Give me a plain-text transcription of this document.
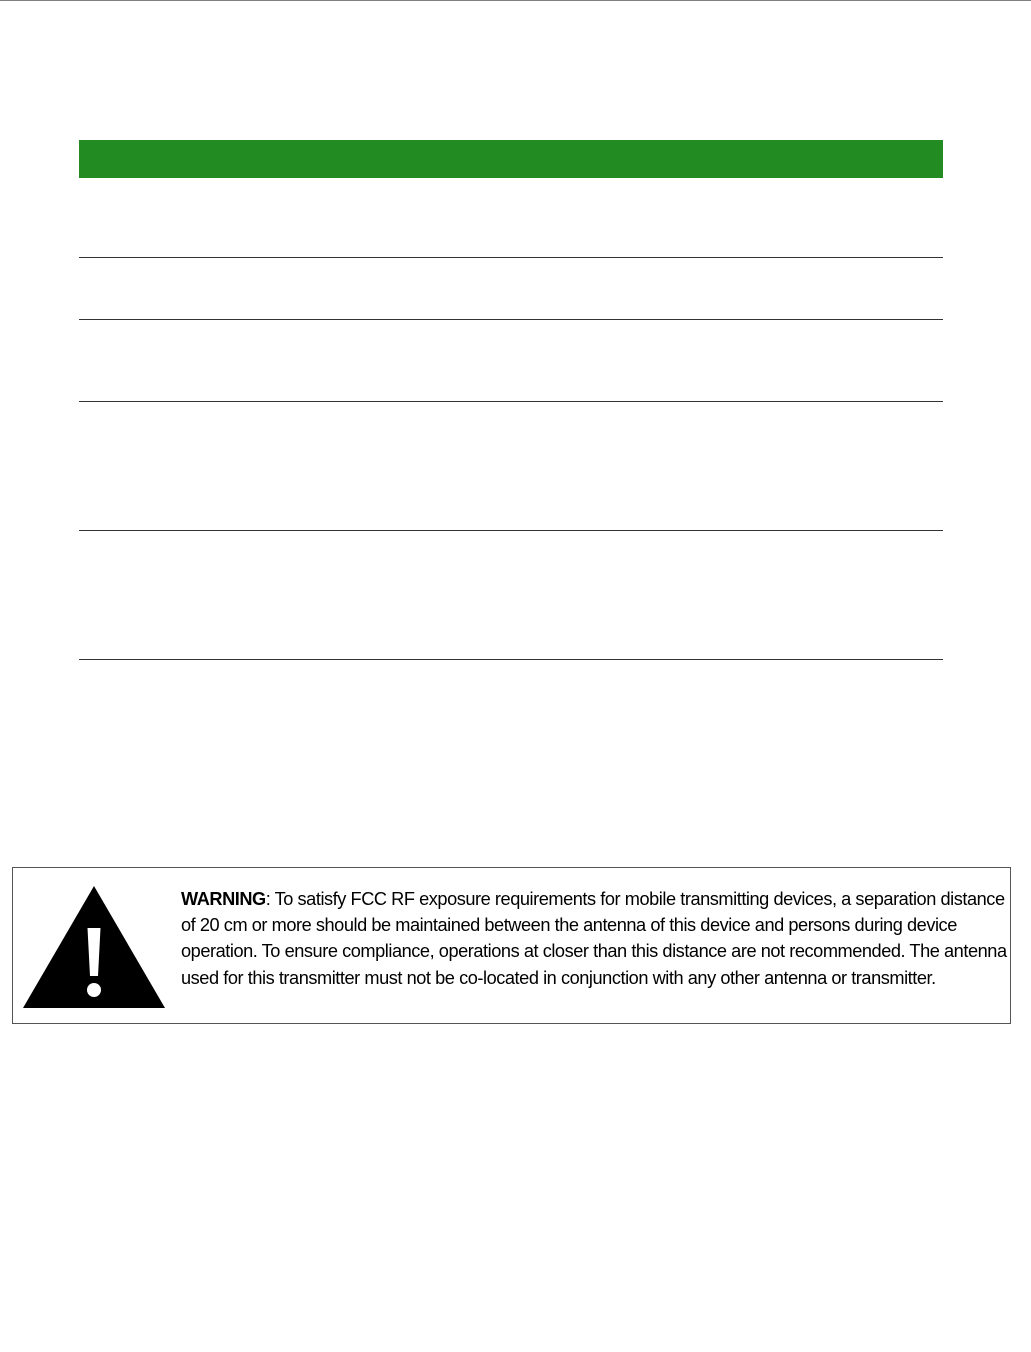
WARNING: To satisfy FCC RF exposure requirements for mobile transmitting devices, a separation distance of 20 cm or more should be maintained between the antenna of this device and persons during device operation. To ensure compliance, operations at closer than this distance are not recommended. The antenna used for this transmitter must not be co-located in conjunction with any other antenna or transmitter.
